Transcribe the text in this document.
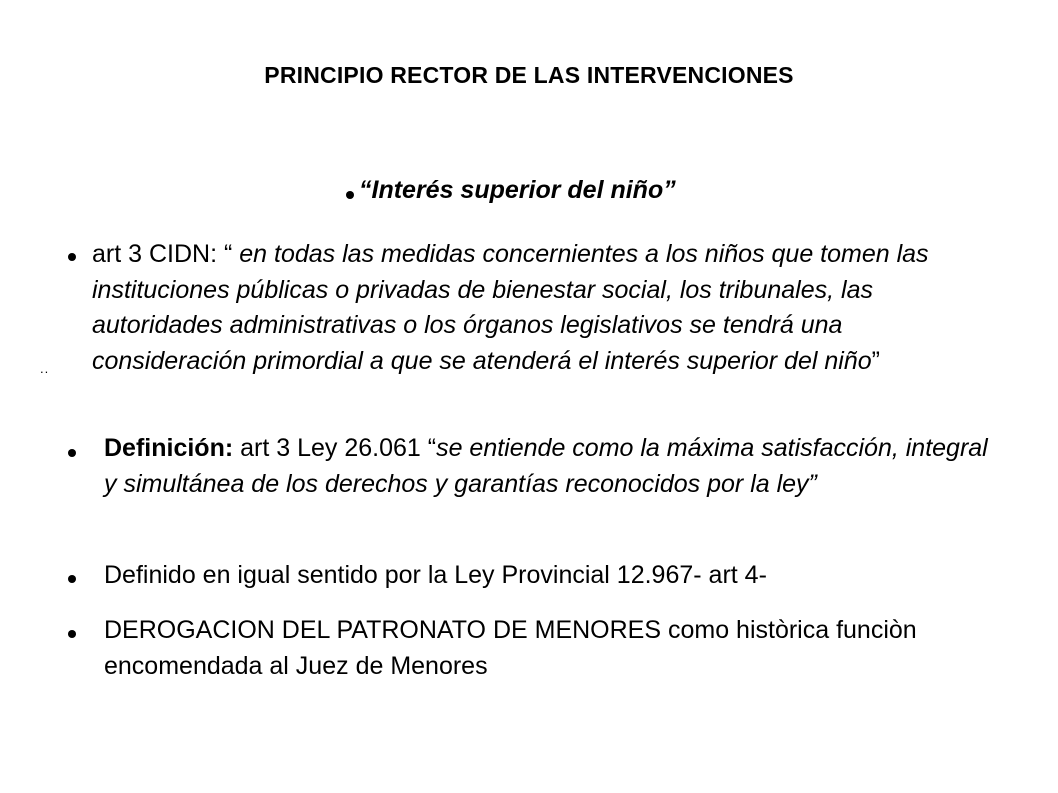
PRINCIPIO RECTOR DE LAS INTERVENCIONES
“Interés superior del niño”
..
art 3 CIDN: “ en todas las medidas concernientes a los niños que tomen las instituciones públicas o privadas de bienestar social, los tribunales, las autoridades administrativas o los órganos legislativos se tendrá una consideración primordial a que se atenderá el interés superior del niño”
Definición: art 3 Ley 26.061 “se entiende como la máxima satisfacción, integral y simultánea de los derechos y garantías reconocidos por la ley”
Definido en igual sentido por la Ley Provincial 12.967- art 4-
DEROGACION DEL PATRONATO DE MENORES como històrica funciòn encomendada al Juez de Menores
